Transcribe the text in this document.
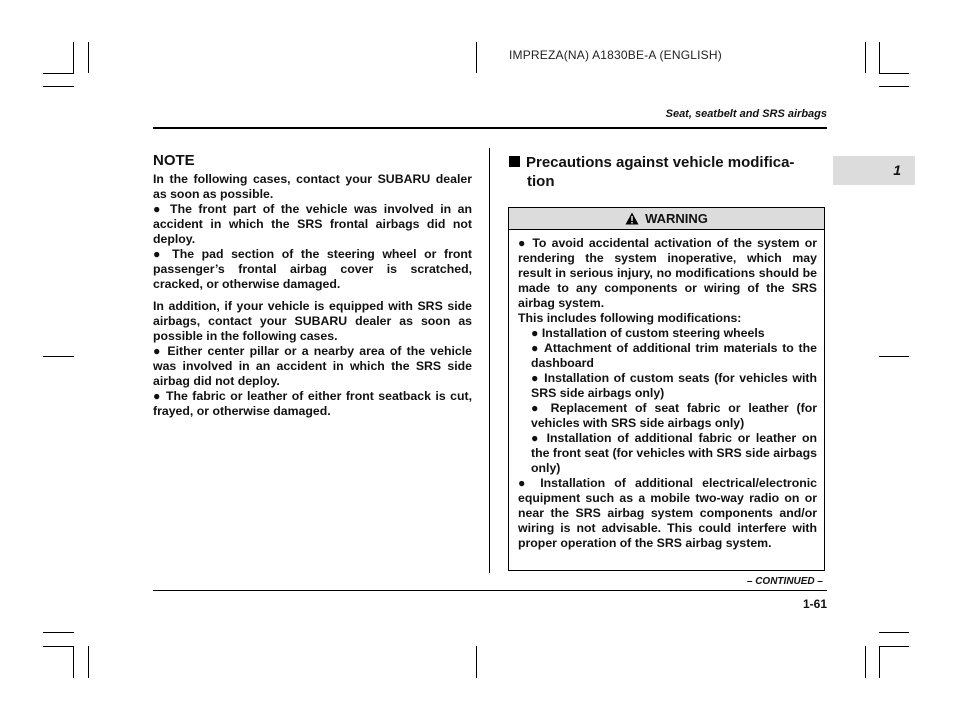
IMPREZA(NA) A1830BE-A (ENGLISH)
Seat, seatbelt and SRS airbags
1
NOTE

In the following cases, contact your SUBARU dealer as soon as possible.

● The front part of the vehicle was involved in an accident in which the SRS frontal airbags did not deploy.

● The pad section of the steering wheel or front passenger’s frontal airbag cover is scratched, cracked, or otherwise damaged.

In addition, if your vehicle is equipped with SRS side airbags, contact your SUBARU dealer as soon as possible in the following cases.

● Either center pillar or a nearby area of the vehicle was involved in an accident in which the SRS side airbag did not deploy.

● The fabric or leather of either front seatback is cut, frayed, or otherwise damaged.

Precautions against vehicle modifica-
tion
WARNING
● To avoid accidental activation of the system or rendering the system inoperative, which may result in serious injury, no modifications should be made to any components or wiring of the SRS airbag system.
This includes following modifications:
● Installation of custom steering wheels
● Attachment of additional trim materials to the dashboard
● Installation of custom seats (for vehicles with SRS side airbags only)
● Replacement of seat fabric or leather (for vehicles with SRS side airbags only)
● Installation of additional fabric or leather on the front seat (for vehicles with SRS side airbags only)
● Installation of additional electrical/electronic equipment such as a mobile two-way radio on or near the SRS airbag system components and/or wiring is not advisable. This could interfere with proper operation of the SRS airbag system.
– CONTINUED –
1-61
